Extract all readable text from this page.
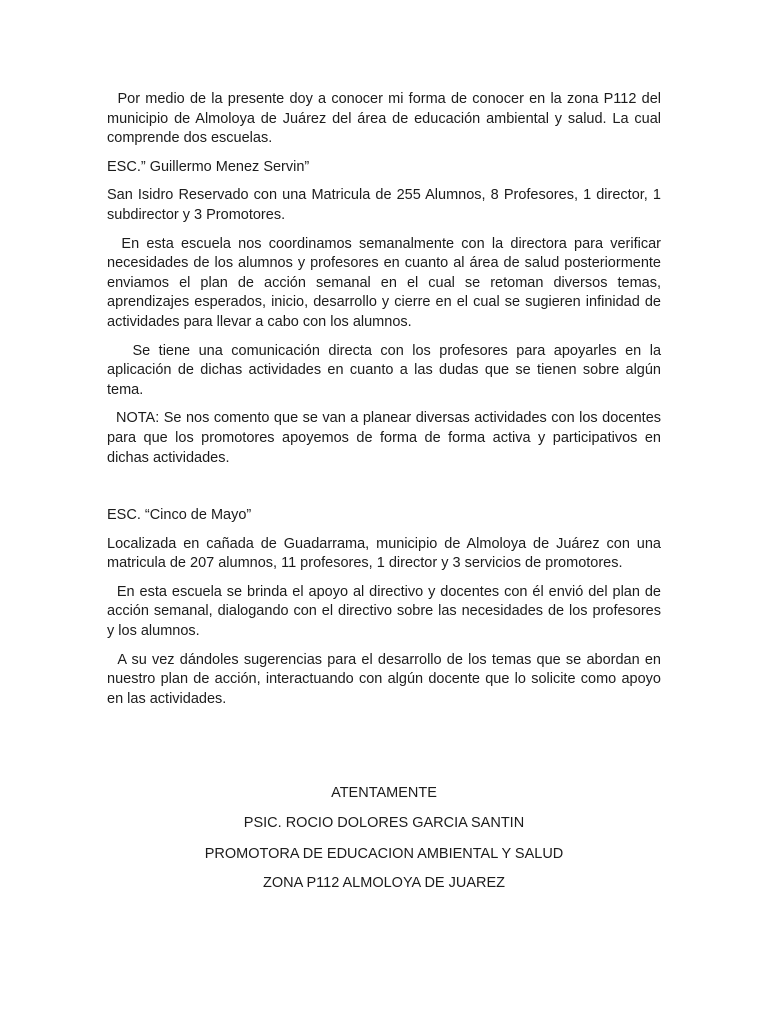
Por medio de la presente doy a conocer mi forma de conocer en la zona P112 del municipio de Almoloya de Juárez del área de educación ambiental y salud. La cual comprende dos escuelas.

ESC.” Guillermo Menez Servin”

San Isidro Reservado con una Matricula de 255 Alumnos, 8 Profesores, 1 director, 1 subdirector y 3 Promotores.

En esta escuela nos coordinamos semanalmente con la directora para verificar necesidades de los alumnos y profesores en cuanto al área de salud posteriormente enviamos el plan de acción semanal en el cual se retoman diversos temas, aprendizajes esperados, inicio, desarrollo y cierre en el cual se sugieren infinidad de actividades para llevar a cabo con los alumnos.

Se tiene una comunicación directa con los profesores para apoyarles en la aplicación de dichas actividades en cuanto a las dudas que se tienen sobre algún tema.

NOTA: Se nos comento que se van a planear diversas actividades con los docentes para que los promotores apoyemos de forma de forma activa y participativos en dichas actividades.

ESC. “Cinco de Mayo”

Localizada en cañada de Guadarrama, municipio de Almoloya de Juárez con una matricula de 207 alumnos, 11 profesores, 1 director y 3 servicios de promotores.

En esta escuela se brinda el apoyo al directivo y docentes con él envió del plan de acción semanal, dialogando con el directivo sobre las necesidades de los profesores y los alumnos.

A su vez dándoles sugerencias para el desarrollo de los temas que se abordan en nuestro plan de acción, interactuando con algún docente que lo solicite como apoyo en las actividades.

ATENTAMENTE
PSIC. ROCIO DOLORES GARCIA SANTIN
PROMOTORA DE EDUCACION AMBIENTAL Y SALUD
ZONA P112 ALMOLOYA DE JUAREZ
